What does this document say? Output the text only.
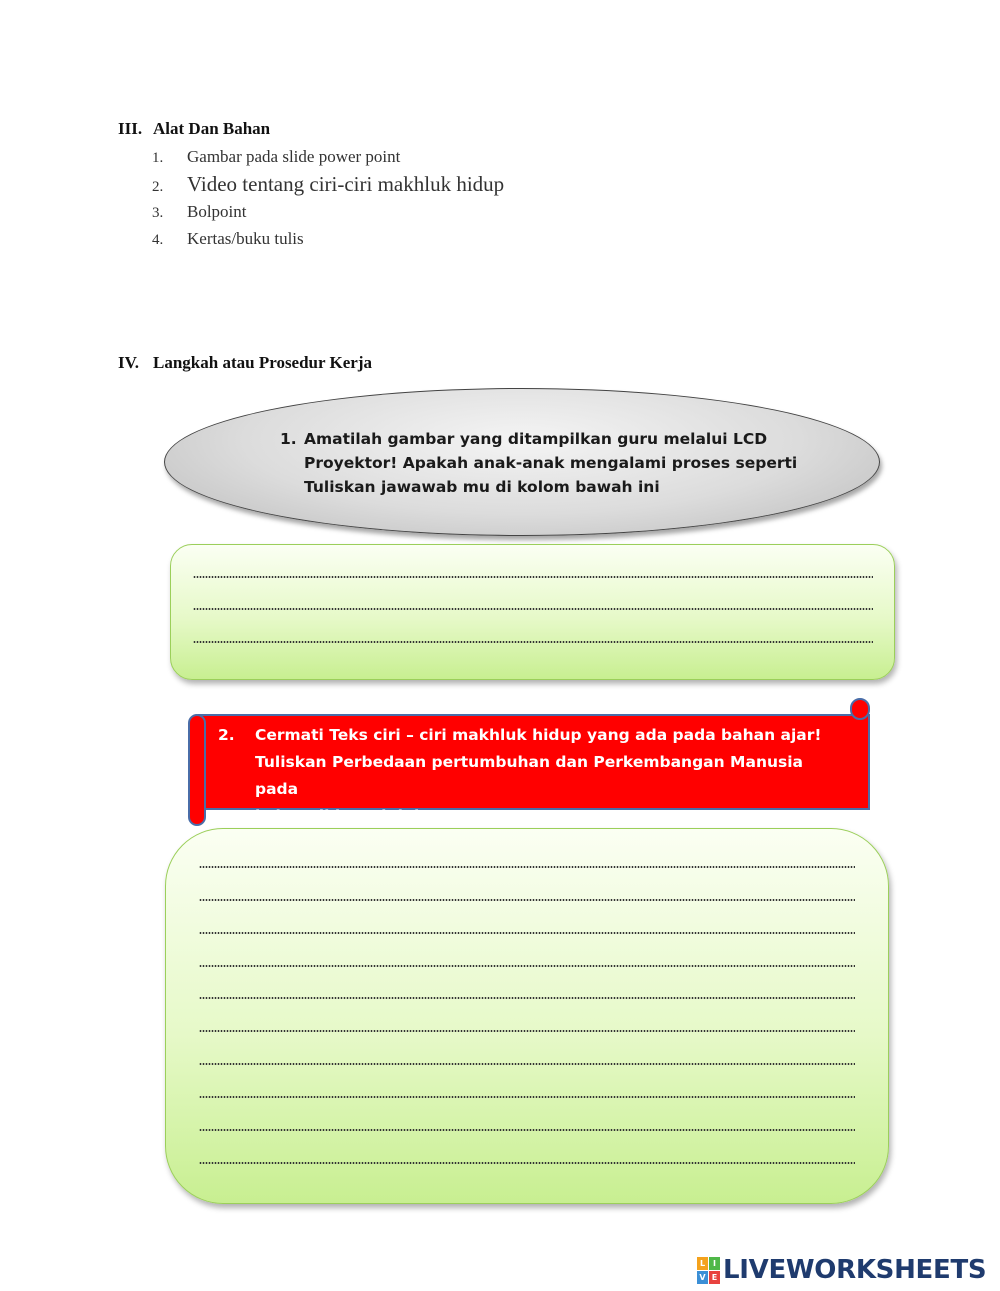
III. Alat Dan Bahan
1. Gambar pada slide power point
2. Video tentang ciri-ciri makhluk hidup
3. Bolpoint
4. Kertas/buku tulis
IV. Langkah atau Prosedur Kerja
1. Amatilah gambar yang ditampilkan guru melalui LCD
Proyektor! Apakah anak-anak mengalami proses seperti
Tuliskan jawawab mu di kolom bawah ini
2. Cermati Teks ciri – ciri makhluk hidup yang ada pada bahan ajar!
Tuliskan Perbedaan pertumbuhan dan Perkembangan Manusia pada
kolom di bawah ini
L I
V E LIVEWORKSHEETS
